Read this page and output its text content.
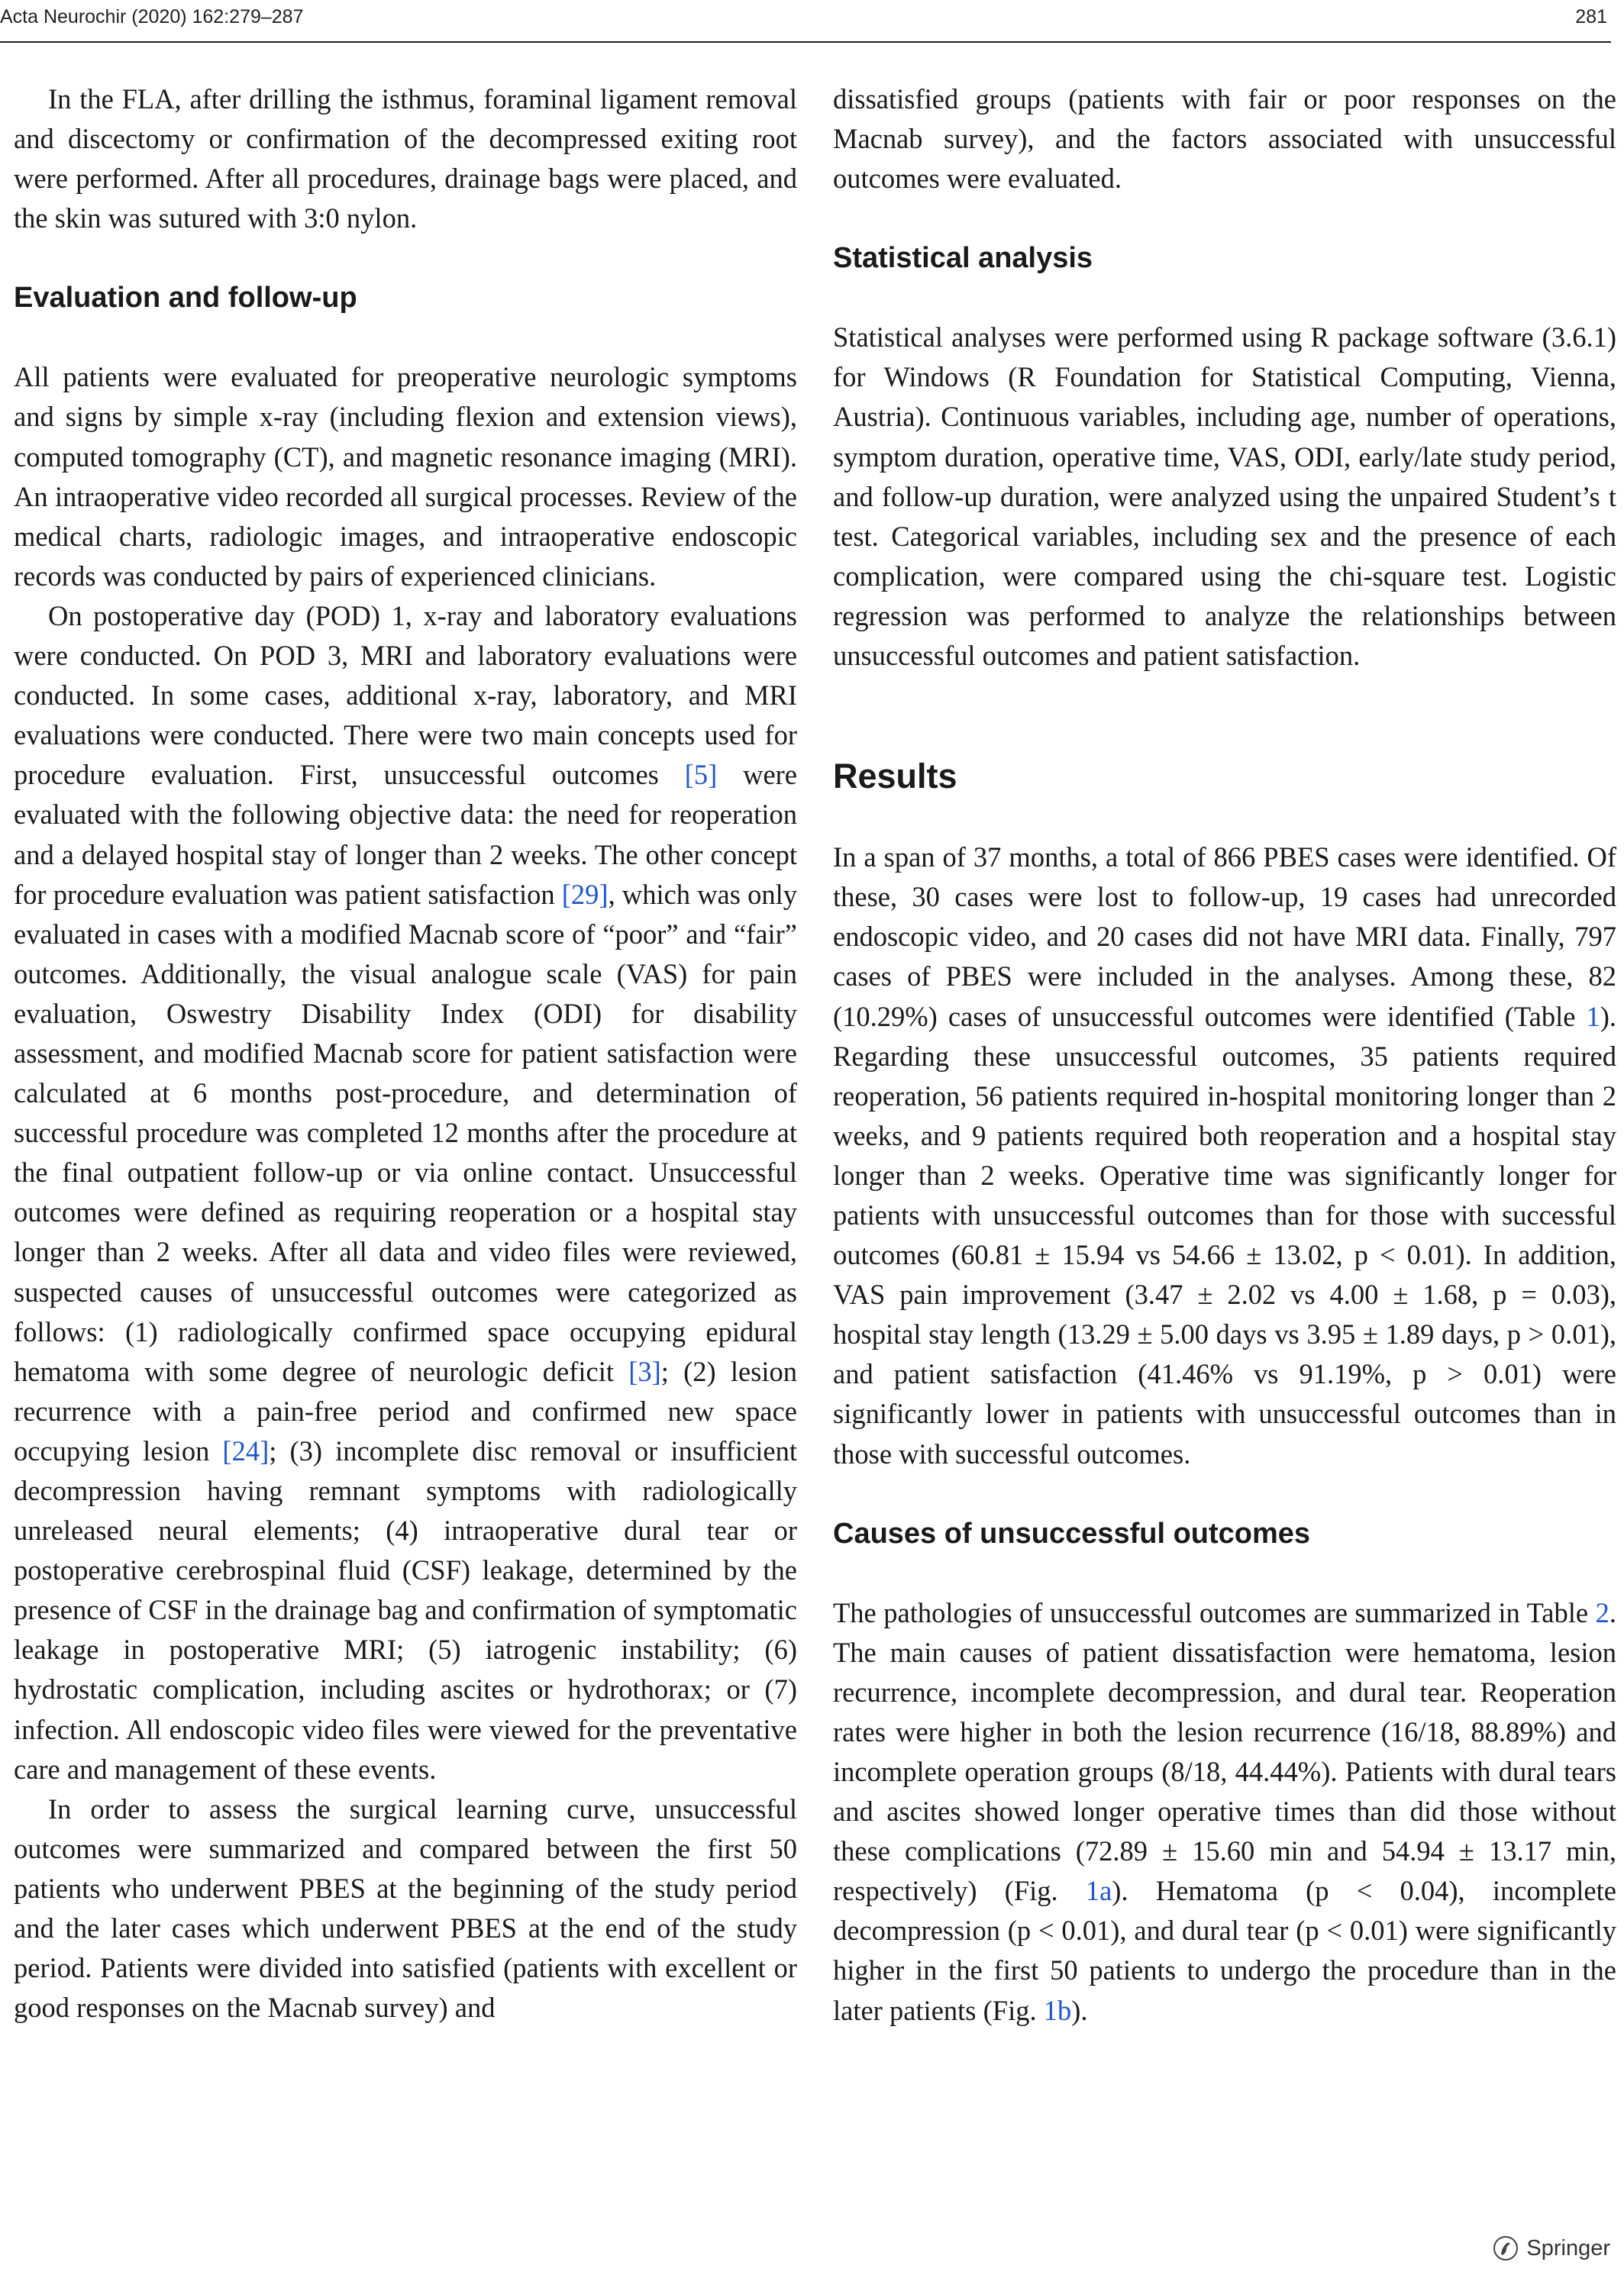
Acta Neurochir (2020) 162:279–287	281

In the FLA, after drilling the isthmus, foraminal ligament removal and discectomy or confirmation of the decompressed exiting root were performed. After all procedures, drainage bags were placed, and the skin was sutured with 3:0 nylon.

Evaluation and follow-up

All patients were evaluated for preoperative neurologic symptoms and signs by simple x-ray (including flexion and extension views), computed tomography (CT), and magnetic resonance imaging (MRI). An intraoperative video recorded all surgical processes. Review of the medical charts, radiologic images, and intraoperative endoscopic records was conducted by pairs of experienced clinicians.

On postoperative day (POD) 1, x-ray and laboratory evaluations were conducted. On POD 3, MRI and laboratory evaluations were conducted. In some cases, additional x-ray, laboratory, and MRI evaluations were conducted. There were two main concepts used for procedure evaluation. First, unsuccessful outcomes [5] were evaluated with the following objective data: the need for reoperation and a delayed hospital stay of longer than 2 weeks. The other concept for procedure evaluation was patient satisfaction [29], which was only evaluated in cases with a modified Macnab score of “poor” and “fair” outcomes. Additionally, the visual analogue scale (VAS) for pain evaluation, Oswestry Disability Index (ODI) for disability assessment, and modified Macnab score for patient satisfaction were calculated at 6 months post-procedure, and determination of successful procedure was completed 12 months after the procedure at the final outpatient follow-up or via online contact. Unsuccessful outcomes were defined as requiring reoperation or a hospital stay longer than 2 weeks. After all data and video files were reviewed, suspected causes of unsuccessful outcomes were categorized as follows: (1) radiologically confirmed space occupying epidural hematoma with some degree of neurologic deficit [3]; (2) lesion recurrence with a pain-free period and confirmed new space occupying lesion [24]; (3) incomplete disc removal or insufficient decompression having remnant symptoms with radiologically unreleased neural elements; (4) intraoperative dural tear or postoperative cerebrospinal fluid (CSF) leakage, determined by the presence of CSF in the drainage bag and confirmation of symptomatic leakage in postoperative MRI; (5) iatrogenic instability; (6) hydrostatic complication, including ascites or hydrothorax; or (7) infection. All endoscopic video files were viewed for the preventative care and management of these events.

In order to assess the surgical learning curve, unsuccessful outcomes were summarized and compared between the first 50 patients who underwent PBES at the beginning of the study period and the later cases which underwent PBES at the end of the study period. Patients were divided into satisfied (patients with excellent or good responses on the Macnab survey) and

dissatisfied groups (patients with fair or poor responses on the Macnab survey), and the factors associated with unsuccessful outcomes were evaluated.

Statistical analysis

Statistical analyses were performed using R package software (3.6.1) for Windows (R Foundation for Statistical Computing, Vienna, Austria). Continuous variables, including age, number of operations, symptom duration, operative time, VAS, ODI, early/late study period, and follow-up duration, were analyzed using the unpaired Student’s t test. Categorical variables, including sex and the presence of each complication, were compared using the chi-square test. Logistic regression was performed to analyze the relationships between unsuccessful outcomes and patient satisfaction.

Results

In a span of 37 months, a total of 866 PBES cases were identified. Of these, 30 cases were lost to follow-up, 19 cases had unrecorded endoscopic video, and 20 cases did not have MRI data. Finally, 797 cases of PBES were included in the analyses. Among these, 82 (10.29%) cases of unsuccessful outcomes were identified (Table 1). Regarding these unsuccessful outcomes, 35 patients required reoperation, 56 patients required in-hospital monitoring longer than 2 weeks, and 9 patients required both reoperation and a hospital stay longer than 2 weeks. Operative time was significantly longer for patients with unsuccessful outcomes than for those with successful outcomes (60.81 ± 15.94 vs 54.66 ± 13.02, p < 0.01). In addition, VAS pain improvement (3.47 ± 2.02 vs 4.00 ± 1.68, p = 0.03), hospital stay length (13.29 ± 5.00 days vs 3.95 ± 1.89 days, p > 0.01), and patient satisfaction (41.46% vs 91.19%, p > 0.01) were significantly lower in patients with unsuccessful outcomes than in those with successful outcomes.

Causes of unsuccessful outcomes

The pathologies of unsuccessful outcomes are summarized in Table 2. The main causes of patient dissatisfaction were hematoma, lesion recurrence, incomplete decompression, and dural tear. Reoperation rates were higher in both the lesion recurrence (16/18, 88.89%) and incomplete operation groups (8/18, 44.44%). Patients with dural tears and ascites showed longer operative times than did those without these complications (72.89 ± 15.60 min and 54.94 ± 13.17 min, respectively) (Fig. 1a). Hematoma (p < 0.04), incomplete decompression (p < 0.01), and dural tear (p < 0.01) were significantly higher in the first 50 patients to undergo the procedure than in the later patients (Fig. 1b).

Springer
